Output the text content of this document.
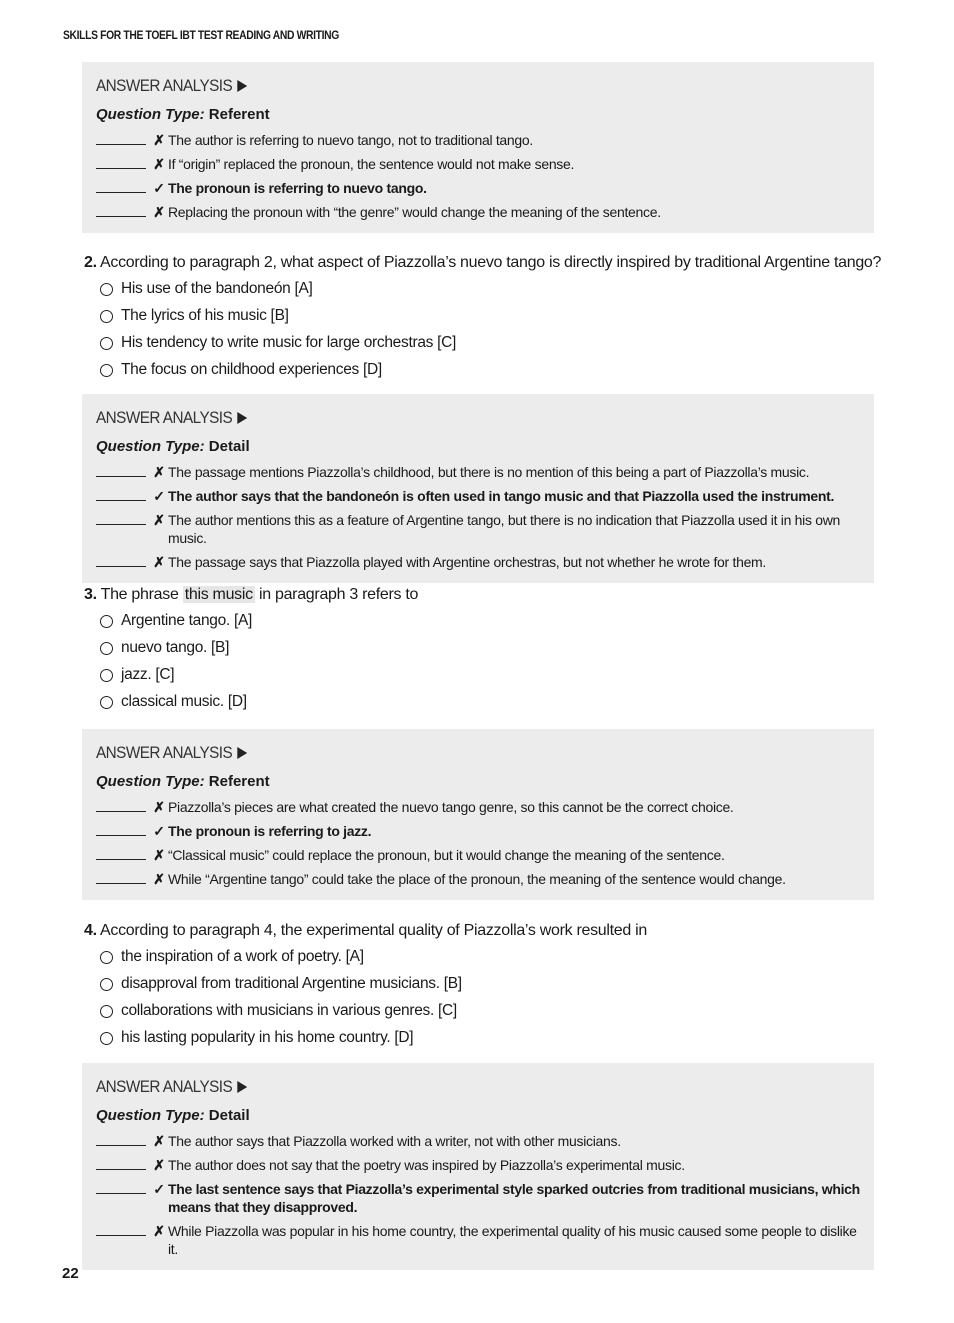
SKILLS FOR THE TOEFL IBT TEST READING AND WRITING
ANSWER ANALYSIS
Question Type: Referent
✗ The author is referring to nuevo tango, not to traditional tango.
✗ If “origin” replaced the pronoun, the sentence would not make sense.
✓ The pronoun is referring to nuevo tango.
✗ Replacing the pronoun with “the genre” would change the meaning of the sentence.
2. According to paragraph 2, what aspect of Piazzolla’s nuevo tango is directly inspired by traditional Argentine tango?
His use of the bandoneón [A]
The lyrics of his music [B]
His tendency to write music for large orchestras [C]
The focus on childhood experiences [D]
ANSWER ANALYSIS
Question Type: Detail
✗ The passage mentions Piazzolla’s childhood, but there is no mention of this being a part of Piazzolla’s music.
✓ The author says that the bandoneón is often used in tango music and that Piazzolla used the instrument.
✗ The author mentions this as a feature of Argentine tango, but there is no indication that Piazzolla used it in his own music.
✗ The passage says that Piazzolla played with Argentine orchestras, but not whether he wrote for them.
3. The phrase this music in paragraph 3 refers to
Argentine tango. [A]
nuevo tango. [B]
jazz. [C]
classical music. [D]
ANSWER ANALYSIS
Question Type: Referent
✗ Piazzolla’s pieces are what created the nuevo tango genre, so this cannot be the correct choice.
✓ The pronoun is referring to jazz.
✗ “Classical music” could replace the pronoun, but it would change the meaning of the sentence.
✗ While “Argentine tango” could take the place of the pronoun, the meaning of the sentence would change.
4. According to paragraph 4, the experimental quality of Piazzolla’s work resulted in
the inspiration of a work of poetry. [A]
disapproval from traditional Argentine musicians. [B]
collaborations with musicians in various genres. [C]
his lasting popularity in his home country. [D]
ANSWER ANALYSIS
Question Type: Detail
✗ The author says that Piazzolla worked with a writer, not with other musicians.
✗ The author does not say that the poetry was inspired by Piazzolla’s experimental music.
✓ The last sentence says that Piazzolla’s experimental style sparked outcries from traditional musicians, which means that they disapproved.
✗ While Piazzolla was popular in his home country, the experimental quality of his music caused some people to dislike it.
22
